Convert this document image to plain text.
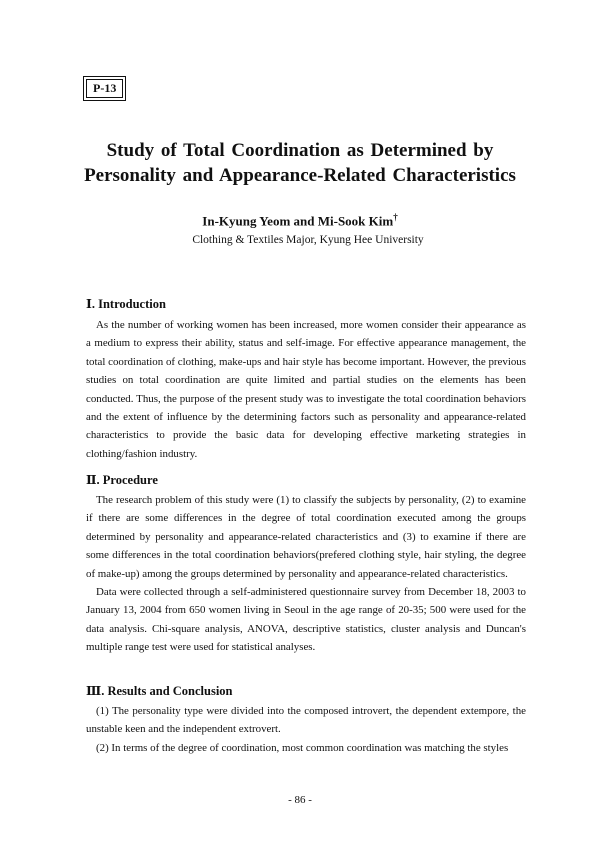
P-13
Study of Total Coordination as Determined by
Personality and Appearance-Related Characteristics
In-Kyung Yeom and Mi-Sook Kim†
Clothing & Textiles Major, Kyung Hee University
Ⅰ. Introduction

As the number of working women has been increased, more women consider their appearance as a medium to express their ability, status and self-image. For effective appearance management, the total coordination of clothing, make-ups and hair style has become important. However, the previous studies on total coordination are quite limited and partial studies on the elements has been conducted. Thus, the purpose of the present study was to investigate the total coordination behaviors and the extent of influence by the determining factors such as personality and appearance-related characteristics to provide the basic data for developing effective marketing strategies in clothing/fashion industry.

Ⅱ. Procedure

The research problem of this study were (1) to classify the subjects by personality, (2) to examine if there are some differences in the degree of total coordination executed among the groups determined by personality and appearance-related characteristics and (3) to examine if there are some differences in the total coordination behaviors(prefered clothing style, hair styling, the degree of make-up) among the groups determined by personality and appearance-related characteristics.

Data were collected through a self-administered questionnaire survey from December 18, 2003 to January 13, 2004 from 650 women living in Seoul in the age range of 20-35; 500 were used for the data analysis. Chi-square analysis, ANOVA, descriptive statistics, cluster analysis and Duncan's multiple range test were used for statistical analyses.

Ⅲ. Results and Conclusion

(1) The personality type were divided into the composed introvert, the dependent extempore, the unstable keen and the independent extrovert.

(2) In terms of the degree of coordination, most common coordination was matching the styles

- 86 -
